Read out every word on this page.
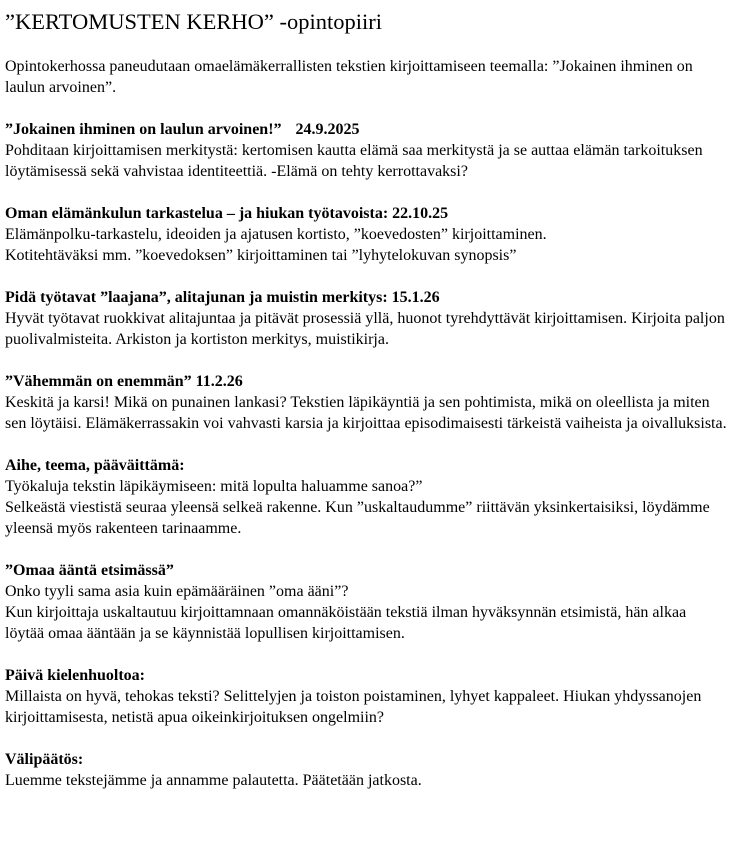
”KERTOMUSTEN KERHO” -opintopiiri

Opintokerhossa paneudutaan omaelämäkerrallisten tekstien kirjoittamiseen teemalla: ”Jokainen ihminen on laulun arvoinen”.

”Jokainen ihminen on laulun arvoinen!” 24.9.2025
Pohditaan kirjoittamisen merkitystä: kertomisen kautta elämä saa merkitystä ja se auttaa elämän tarkoituksen löytämisessä sekä vahvistaa identiteettiä. -Elämä on tehty kerrottavaksi?
Oman elämänkulun tarkastelua – ja hiukan työtavoista: 22.10.25
Elämänpolku-tarkastelu, ideoiden ja ajatusen kortisto, ”koevedosten” kirjoittaminen.
Kotitehtäväksi mm. ”koevedoksen” kirjoittaminen tai ”lyhytelokuvan synopsis”
Pidä työtavat ”laajana”, alitajunan ja muistin merkitys: 15.1.26
Hyvät työtavat ruokkivat alitajuntaa ja pitävät prosessiä yllä, huonot tyrehdyttävät kirjoittamisen. Kirjoita paljon puolivalmisteita. Arkiston ja kortiston merkitys, muistikirja.
”Vähemmän on enemmän” 11.2.26
Keskitä ja karsi! Mikä on punainen lankasi? Tekstien läpikäyntiä ja sen pohtimista, mikä on oleellista ja miten sen löytäisi. Elämäkerrassakin voi vahvasti karsia ja kirjoittaa episodimaisesti tärkeistä vaiheista ja oivalluksista.
Aihe, teema, pääväittämä:
Työkaluja tekstin läpikäymiseen: mitä lopulta haluamme sanoa?”
Selkeästä viestistä seuraa yleensä selkeä rakenne. Kun ”uskaltaudumme” riittävän yksinkertaisiksi, löydämme yleensä myös rakenteen tarinaamme.
”Omaa ääntä etsimässä”
Onko tyyli sama asia kuin epämääräinen ”oma ääni”?
Kun kirjoittaja uskaltautuu kirjoittamnaan omannäköistään tekstiä ilman hyväksynnän etsimistä, hän alkaa löytää omaa ääntään ja se käynnistää lopullisen kirjoittamisen.
Päivä kielenhuoltoa:
Millaista on hyvä, tehokas teksti? Selittelyjen ja toiston poistaminen, lyhyet kappaleet. Hiukan yhdyssanojen kirjoittamisesta, netistä apua oikeinkirjoituksen ongelmiin?
Välipäätös:
Luemme tekstejämme ja annamme palautetta. Päätetään jatkosta.
